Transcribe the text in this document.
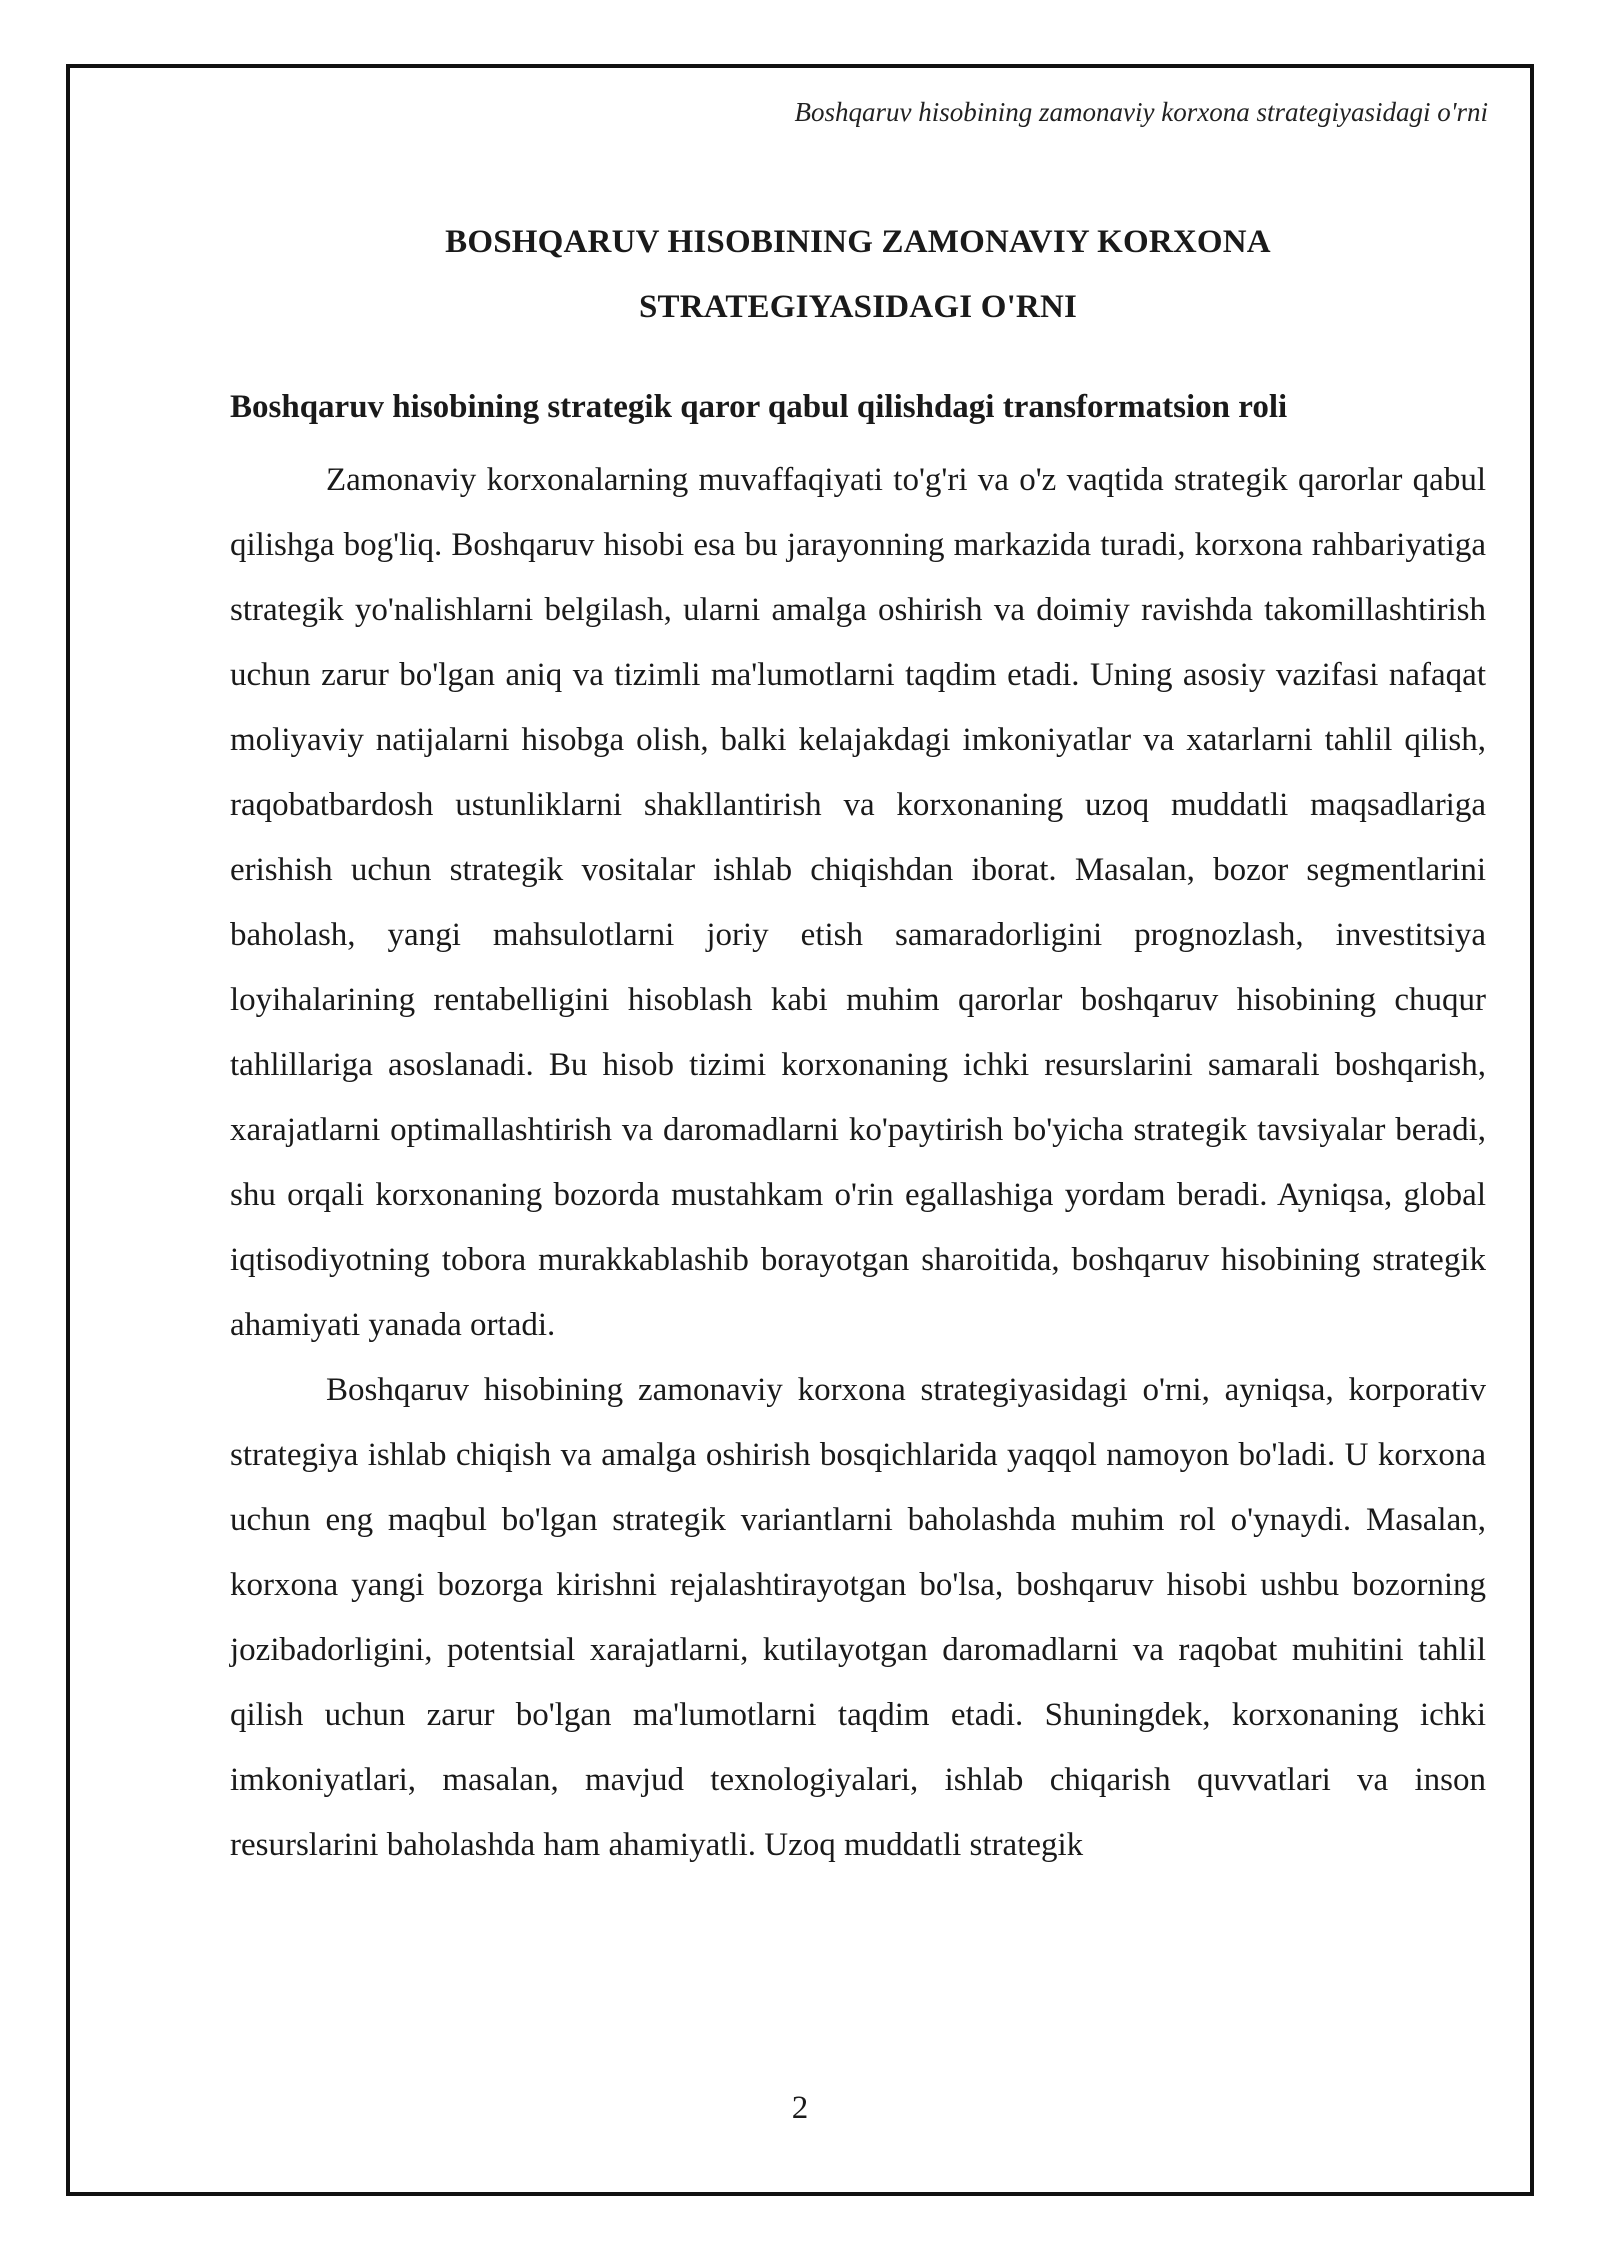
Boshqaruv hisobining zamonaviy korxona strategiyasidagi o'rni
BOSHQARUV HISOBINING ZAMONAVIY KORXONA
STRATEGIYASIDAGI O'RNI
Boshqaruv hisobining strategik qaror qabul qilishdagi transformatsion roli

Zamonaviy korxonalarning muvaffaqiyati to'g'ri va o'z vaqtida strategik qarorlar qabul qilishga bog'liq. Boshqaruv hisobi esa bu jarayonning markazida turadi, korxona rahbariyatiga strategik yo'nalishlarni belgilash, ularni amalga oshirish va doimiy ravishda takomillashtirish uchun zarur bo'lgan aniq va tizimli ma'lumotlarni taqdim etadi. Uning asosiy vazifasi nafaqat moliyaviy natijalarni hisobga olish, balki kelajakdagi imkoniyatlar va xatarlarni tahlil qilish, raqobatbardosh ustunliklarni shakllantirish va korxonaning uzoq muddatli maqsadlariga erishish uchun strategik vositalar ishlab chiqishdan iborat. Masalan, bozor segmentlarini baholash, yangi mahsulotlarni joriy etish samaradorligini prognozlash, investitsiya loyihalarining rentabelligini hisoblash kabi muhim qarorlar boshqaruv hisobining chuqur tahlillariga asoslanadi. Bu hisob tizimi korxonaning ichki resurslarini samarali boshqarish, xarajatlarni optimallashtirish va daromadlarni ko'paytirish bo'yicha strategik tavsiyalar beradi, shu orqali korxonaning bozorda mustahkam o'rin egallashiga yordam beradi. Ayniqsa, global iqtisodiyotning tobora murakkablashib borayotgan sharoitida, boshqaruv hisobining strategik ahamiyati yanada ortadi.

Boshqaruv hisobining zamonaviy korxona strategiyasidagi o'rni, ayniqsa, korporativ strategiya ishlab chiqish va amalga oshirish bosqichlarida yaqqol namoyon bo'ladi. U korxona uchun eng maqbul bo'lgan strategik variantlarni baholashda muhim rol o'ynaydi. Masalan, korxona yangi bozorga kirishni rejalashtirayotgan bo'lsa, boshqaruv hisobi ushbu bozorning jozibadorligini, potentsial xarajatlarni, kutilayotgan daromadlarni va raqobat muhitini tahlil qilish uchun zarur bo'lgan ma'lumotlarni taqdim etadi. Shuningdek, korxonaning ichki imkoniyatlari, masalan, mavjud texnologiyalari, ishlab chiqarish quvvatlari va inson resurslarini baholashda ham ahamiyatli. Uzoq muddatli strategik

2
